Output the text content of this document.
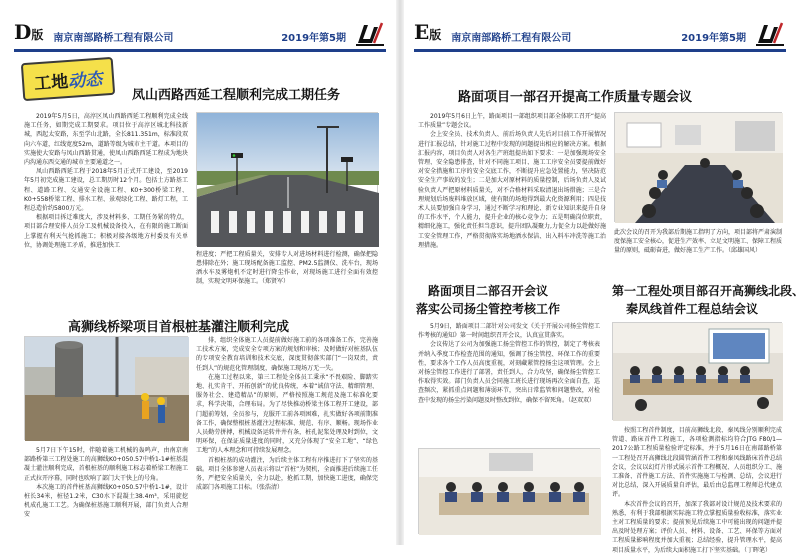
D版 南京南部路桥工程有限公司	2019年第5期
工地
动态
凤山西路西延工程顺利完成工期任务

2019年5月5日，高淳区凤山西路西延工程顺利完成全线施工任务，如期完成工期要求。项目位于高淳区城北科技新城，西起太安路，东至学山北路，全长811.351m，标准段双向六车道，红线宽度52m，道路等级为城市主干道。本项目的实施使大安路与凤山西路贯通，使凤山西路西延工程成为地块内沟通东西交通的城市主要通道之一。

凤山西路西延工程于2018年5月正式开工建设，至2019年5月初完成施工建设，总工期历时12个月。包括土方路基工程、道路工程、交通安全设施工程、K0+300桥梁工程、K0+558桥梁工程、排水工程、景观绿化工程、路灯工程，工程总造价约5800万元。

根据项目拆迁难度大，涉及材料多、工期任务紧的特点，项目部合理安排人员分工及机械设备投入，在有限的施工断面上掌握有利天气抢抓施工；积极对接各级地方村委及有关单位，协调处理施工矛盾，推进加快工

程进度；严把工程质量关，安排专人对进场材料进行检测，确保把隐患排除在外；施工现场配备施工监控、PM2.5监测仪、洗车台，现场洒水车及雾炮机不定时进行降尘作业，对现场施工进行全面有效控制，实现文明环保施工。（郑贤军）
高狮线桥梁项目首根桩基灌注顺利完成

排，组织全体施工人员提前做好施工前的各项准备工作，完善施工技术方案，完成安全专项方案的规划和审核；及时做好对桩基队伍的专项安全教育培训和技术交底，深度贯彻落实部门“一岗双责，责任到人”的规范化管理制度，确保施工现场万无一失。

在施工过程以来，第三工程处全体员工秉承“不畏艰险、脚踏实地、扎实肯干、开拓创新”的优良传统，本着“诚信守法、精细管理、服务社会、建造精品”的原则，严格按照施工规范及施工标准化要求，科学决策，合理布局。为了尽快推动桥梁主体工程开工建设，部门超前筹划，全员参与，克服开工前各项困难，扎实做好各项前期准备工作，确保整根桩基灌注过程标准、规范、有序、顺畅。现场作业人员勤劳拼搏，机械设备运转井井有条，桩孔泥浆处理及时到位，文明环保，在保证质量进度的同时，又充分体现了“安全工地”、“绿色工地”的人本理念和可持续发展理念。

首根桩基的成功灌注，为后续主体工程有序推进打下了坚实的基础。项目全体参建人员表示将以“首桩”为契机，全面推进后续施工任务，严把安全质量关，全力以赴，抢抓工期，加快施工进度，确保完成部门各项施工目标。（张浩清）

5月7日下午15时，伴随着施工机械的轰鸣声，由南京南部路桥第三工程处施工的高狮线K0+050.57中桥1-1#桩基混凝土灌注顺利完成，首根桩基的顺利施工标志着桥梁工程施工正式拉开序幕，同时也吹响了部门大干快上的号角。

本次施工的首件桩基高狮线K0+050.57中桥1-1#，设计桩长34米，桩径1.2米，C30水下混凝土38.4m³，采用旋挖机成孔施工工艺。为确保桩基施工顺利开展，部门负责人合理安

E版 南京南部路桥工程有限公司	2019年第5期
路面项目一部召开提高工作质量专题会议

2019年5月6日上午，路面项目一部组织项目部全体职工召开“提高工作质量”专题会议。

会上安全员、技术负责人、前后场负责人先后对目前工作开展情况进行汇报总结，针对施工过程中发现的问题提出相应的解决方案。根据汇报内容，项目负责人对各生产班组提出如下要求：一是加强现场安全管理、安全隐患排查，针对不同施工项目、施工工序安全员要提前做好对安全措施和工序的安全交底工作，不断提升应急处置能力，坚决防范安全生产事故的发生；二是加大对原材料的质量控制，后场负责人及试验负责人严把原材料质量关，对不合格材料采取清退出场措施；三是合理规划后场废料堆放区域，使有限的场地得到最大化资源利用；四是技术人员要加强自身学习，通过不断学习和理论、新专业知识来提升自身的工作水平，个人能力，提升企业的核心竞争力；五是明确岗位职责，精细化施工，强化责任担当意识，提升团队凝聚力,力促全力以赴做好施工安全管理工作，严格贯彻落实场地洒水保洁、出入料车冲洗等施工治理措施。

此次会议的召开为我部后期施工指明了方向，项目部将严肃演制度保施工安全核心，促进生产效率、立足文明施工、保障工程质量的原则，砥砺奋进，做好施工生产工作。（邱雄国风）
路面项目二部召开会议
落实公司扬尘管控考核工作

5月9日，路面项目二部针对公司发文《关于开展公司扬尘管控工作考核的通知》第一时间组织召开会议，认真宣贯落实。

会议传达了公司为加强施工扬尘管控工作的管控，制定了考核表并纳入季度工作检查范围的通知，强调了扬尘管控、环保工作的重要性，要求各个工作人员高度重视，对刻藏紧管控扬尘这项管理。会上对扬尘管控工作进行了部署，责任到人，合力攻坚，确保扬尘管控工作取得实效。部门负责人员会同施工班长进行现场再次全面自查，巡查频次，紧抓重点问题和薄弱环节，突出日常监管和问题整改，对检查中发现的扬尘污染问题及时整改到位，确保不留死角。（赵双双）

第一工程处项目部召开高狮线北段、
秦凤线首件工程总结会议

按照工程首件制度，目前高狮线北段、秦凤线分别顺利完成管道、路床首件工程施工，各项检测指标均符合JTG F80/1—2017公路工程质量检验评定标准，并于5月16日在南部路桥第一工程处召开高狮线北段圆管涵首件工程和秦凤线路床首件总结会议，会议以幻灯片形式展示首件工程概况、人员组织分工、施工准备、首件施工方法、首件实施施工与检测、总结，会议进行对比总结，深入开展质量自评估，最后由总监理工程师总代建点评。

本次首件会议的召开，加深了我部对设计规范及技术要求的熟悉，有利于我部根据实际施工特点掌握质量验收标准，落实业主对工程质量的要求；提前预见后续施工中可能出现的问题并提出及时处理方案；评价人员、材料、设备、工艺、环保等方面对工程质量影响程度并加大重视；总结经验，提升管理水平，提高项目质量水平，为后续大面积施工打下坚实基础。（丁晖笔）
